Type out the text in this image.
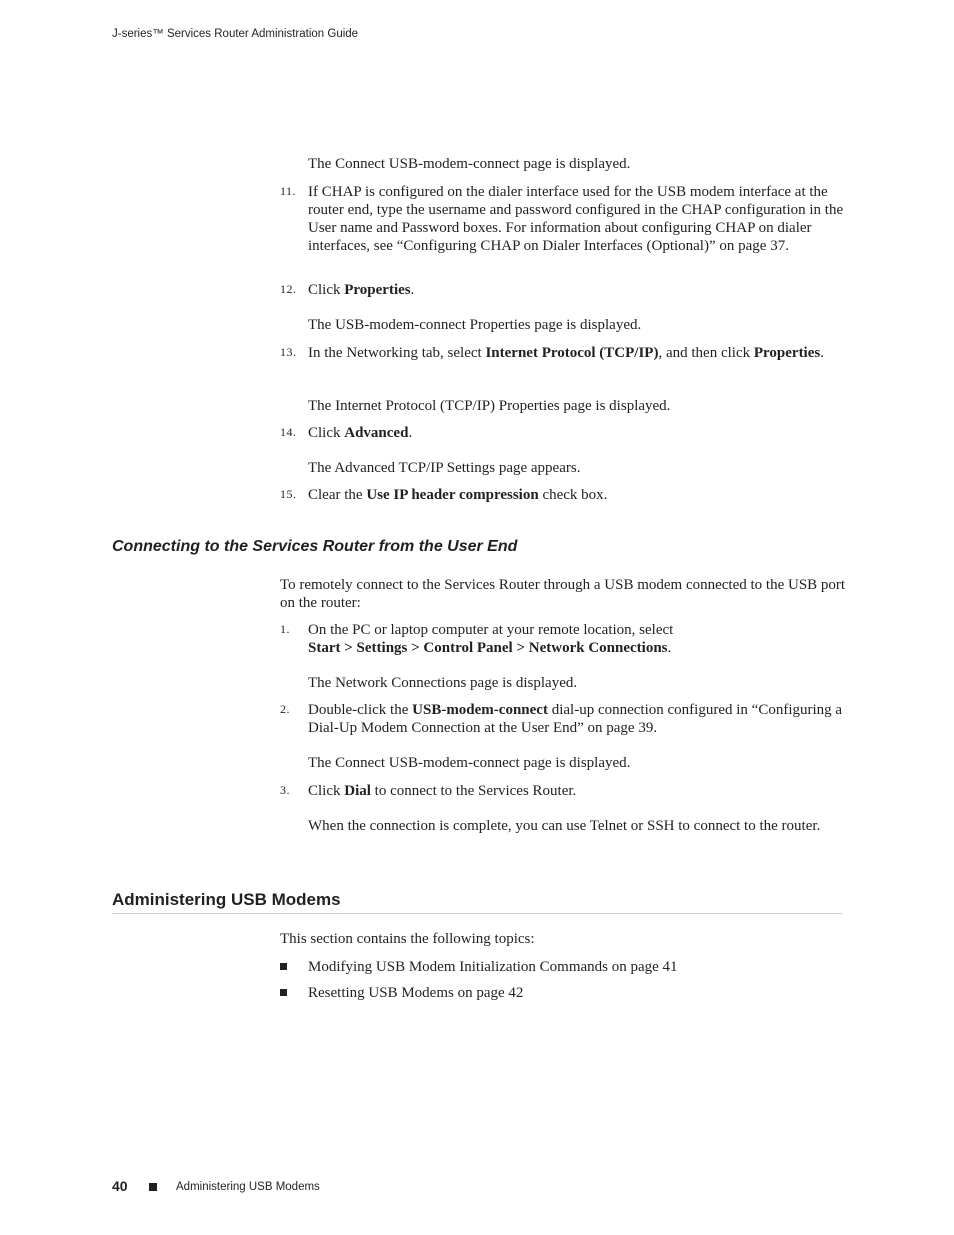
J-series™ Services Router Administration Guide
The Connect USB-modem-connect page is displayed.
11. If CHAP is configured on the dialer interface used for the USB modem interface at the router end, type the username and password configured in the CHAP configuration in the User name and Password boxes. For information about configuring CHAP on dialer interfaces, see “Configuring CHAP on Dialer Interfaces (Optional)” on page 37.
12. Click Properties.
The USB-modem-connect Properties page is displayed.
13. In the Networking tab, select Internet Protocol (TCP/IP), and then click Properties.
The Internet Protocol (TCP/IP) Properties page is displayed.
14. Click Advanced.
The Advanced TCP/IP Settings page appears.
15. Clear the Use IP header compression check box.
Connecting to the Services Router from the User End
To remotely connect to the Services Router through a USB modem connected to the USB port on the router:
1. On the PC or laptop computer at your remote location, select
Start > Settings > Control Panel > Network Connections.
The Network Connections page is displayed.
2. Double-click the USB-modem-connect dial-up connection configured in “Configuring a Dial-Up Modem Connection at the User End” on page 39.
The Connect USB-modem-connect page is displayed.
3. Click Dial to connect to the Services Router.
When the connection is complete, you can use Telnet or SSH to connect to the router.
Administering USB Modems
This section contains the following topics:
Modifying USB Modem Initialization Commands on page 41
Resetting USB Modems on page 42
40	Administering USB Modems
